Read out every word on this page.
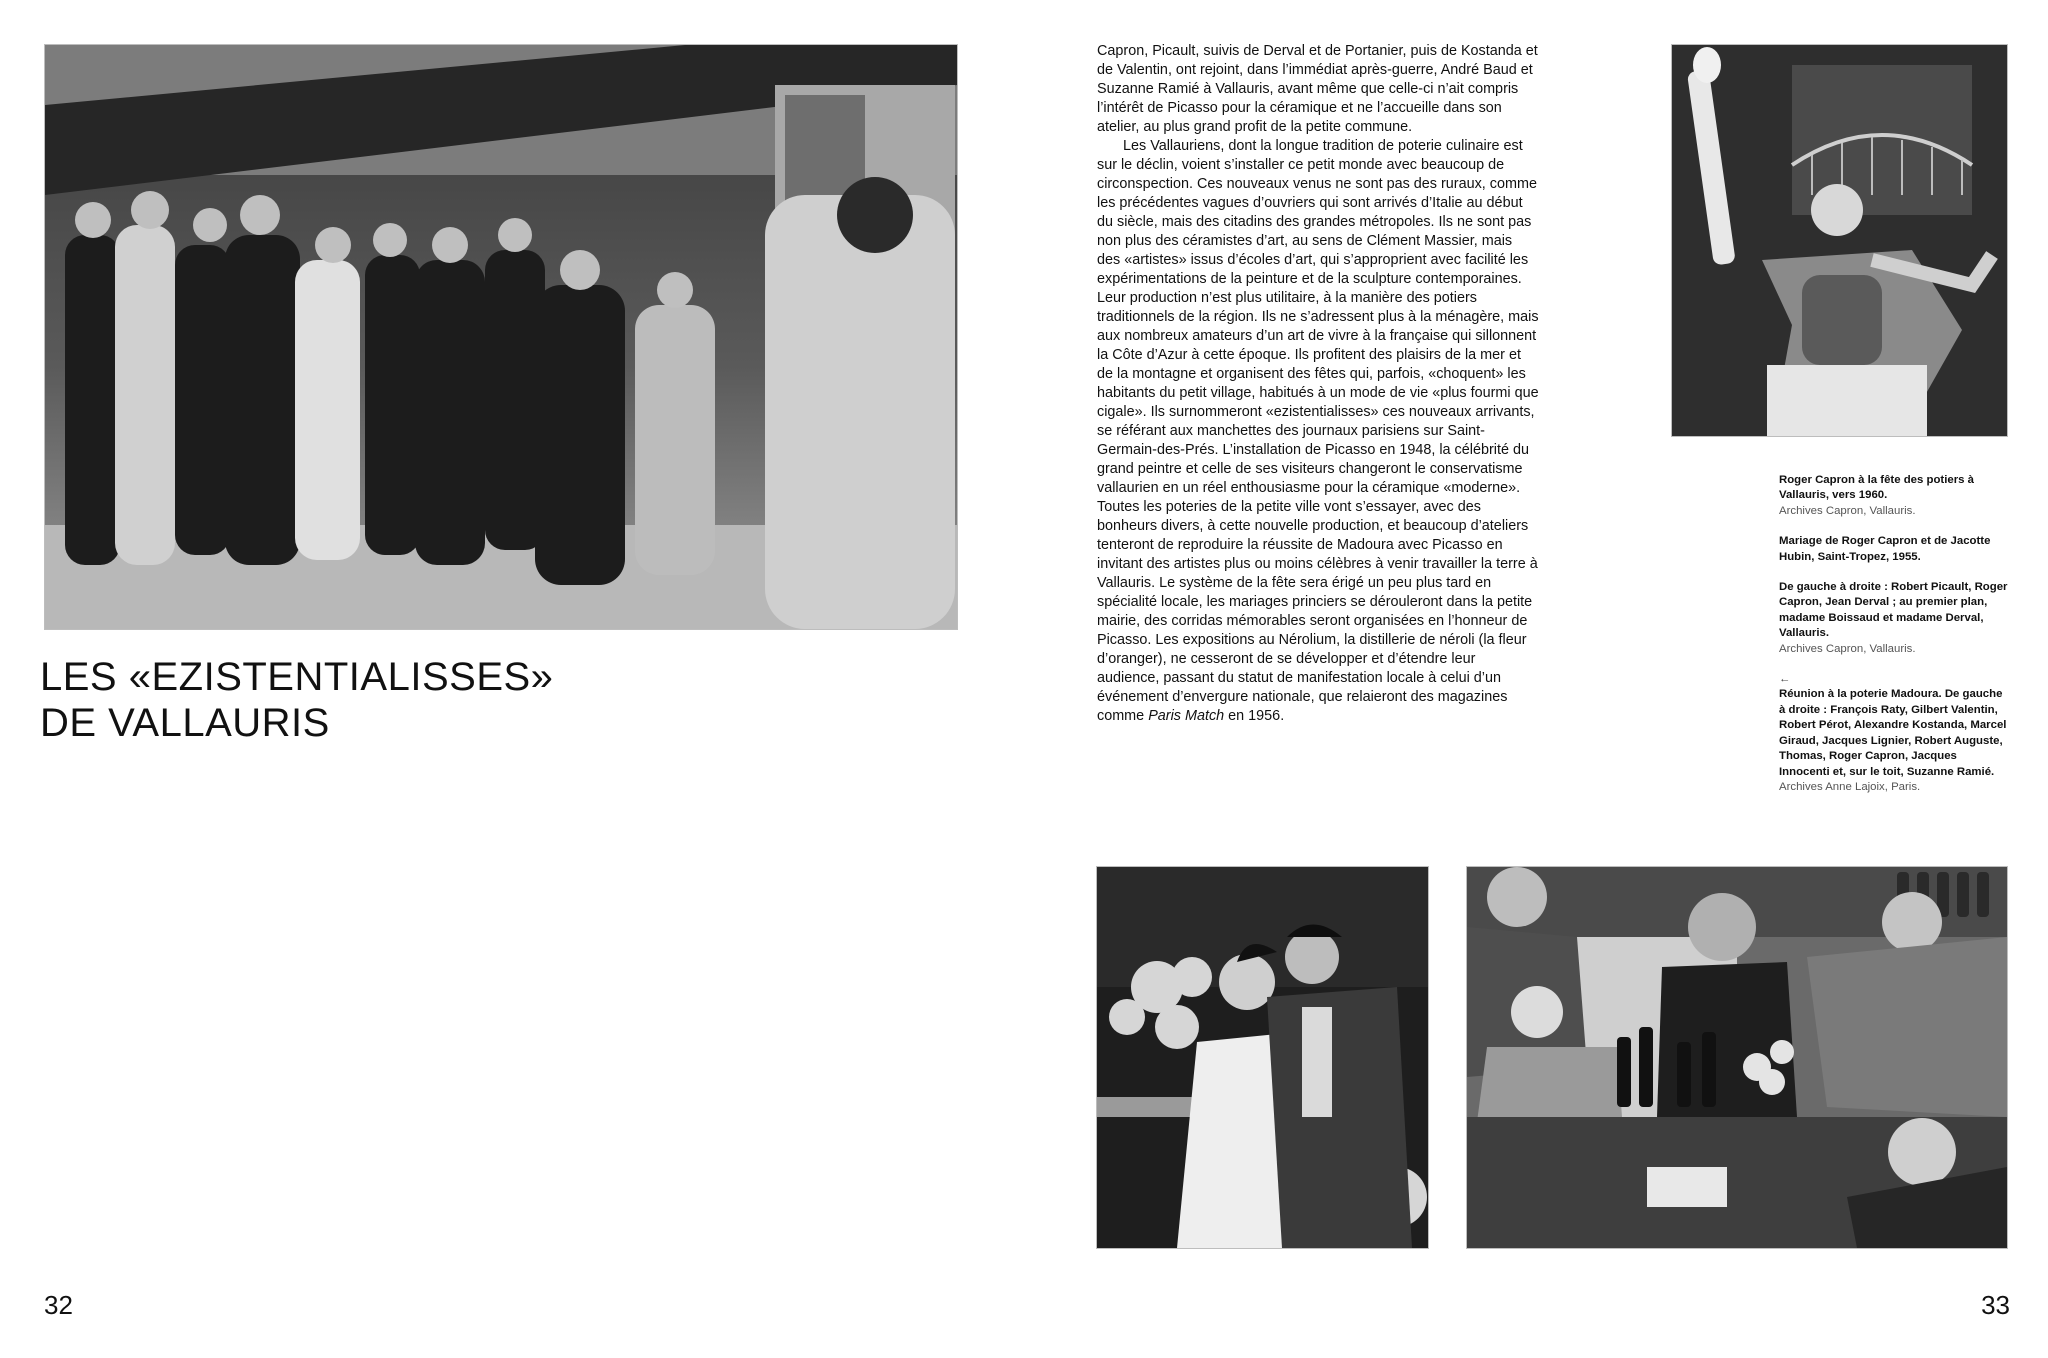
LES «EZISTENTIALISSES»
DE VALLAURIS

32

Capron, Picault, suivis de Derval et de Portanier, puis de Kostanda et de Valentin, ont rejoint, dans l’immédiat après-guerre, André Baud et Suzanne Ramié à Vallauris, avant même que celle-ci n’ait compris l’intérêt de Picasso pour la céramique et ne l’accueille dans son atelier, au plus grand profit de la petite commune.

Les Vallauriens, dont la longue tradition de poterie culinaire est sur le déclin, voient s’installer ce petit monde avec beaucoup de circonspection. Ces nouveaux venus ne sont pas des ruraux, comme les précédentes vagues d’ouvriers qui sont arrivés d’Italie au début du siècle, mais des citadins des grandes métropoles. Ils ne sont pas non plus des céramistes d’art, au sens de Clément Massier, mais des «artistes» issus d’écoles d’art, qui s’approprient avec facilité les expérimentations de la peinture et de la sculpture contemporaines. Leur production n’est plus utilitaire, à la manière des potiers traditionnels de la région. Ils ne s’adressent plus à la ménagère, mais aux nombreux amateurs d’un art de vivre à la française qui sillonnent la Côte d’Azur à cette époque. Ils profitent des plaisirs de la mer et de la montagne et organisent des fêtes qui, parfois, «choquent» les habitants du petit village, habitués à un mode de vie «plus fourmi que cigale». Ils surnommeront «ezistentialisses» ces nouveaux arrivants, se référant aux manchettes des journaux parisiens sur Saint-Germain-des-Prés. L’installation de Picasso en 1948, la célébrité du grand peintre et celle de ses visiteurs changeront le conservatisme vallaurien en un réel enthousiasme pour la céramique «moderne». Toutes les poteries de la petite ville vont s’essayer, avec des bonheurs divers, à cette nouvelle production, et beaucoup d’ateliers tenteront de reproduire la réussite de Madoura avec Picasso en invitant des artistes plus ou moins célèbres à venir travailler la terre à Vallauris. Le système de la fête sera érigé un peu plus tard en spécialité locale, les mariages princiers se dérouleront dans la petite mairie, des corridas mémorables seront organisées en l’honneur de Picasso. Les expositions au Nérolium, la distillerie de néroli (la fleur d’oranger), ne cesseront de se développer et d’étendre leur audience, passant du statut de manifestation locale à celui d’un événement d’envergure nationale, que relaieront des magazines comme Paris Match en 1956.

Roger Capron à la fête des potiers à Vallauris, vers 1960.
Archives Capron, Vallauris.
Mariage de Roger Capron et de Jacotte Hubin, Saint-Tropez, 1955.
De gauche à droite : Robert Picault, Roger Capron, Jean Derval ; au premier plan, madame Boissaud et madame Derval, Vallauris.
Archives Capron, Vallauris.
←
Réunion à la poterie Madoura. De gauche à droite : François Raty, Gilbert Valentin, Robert Pérot, Alexandre Kostanda, Marcel Giraud, Jacques Lignier, Robert Auguste, Thomas, Roger Capron, Jacques Innocenti et, sur le toit, Suzanne Ramié.
Archives Anne Lajoix, Paris.

33
